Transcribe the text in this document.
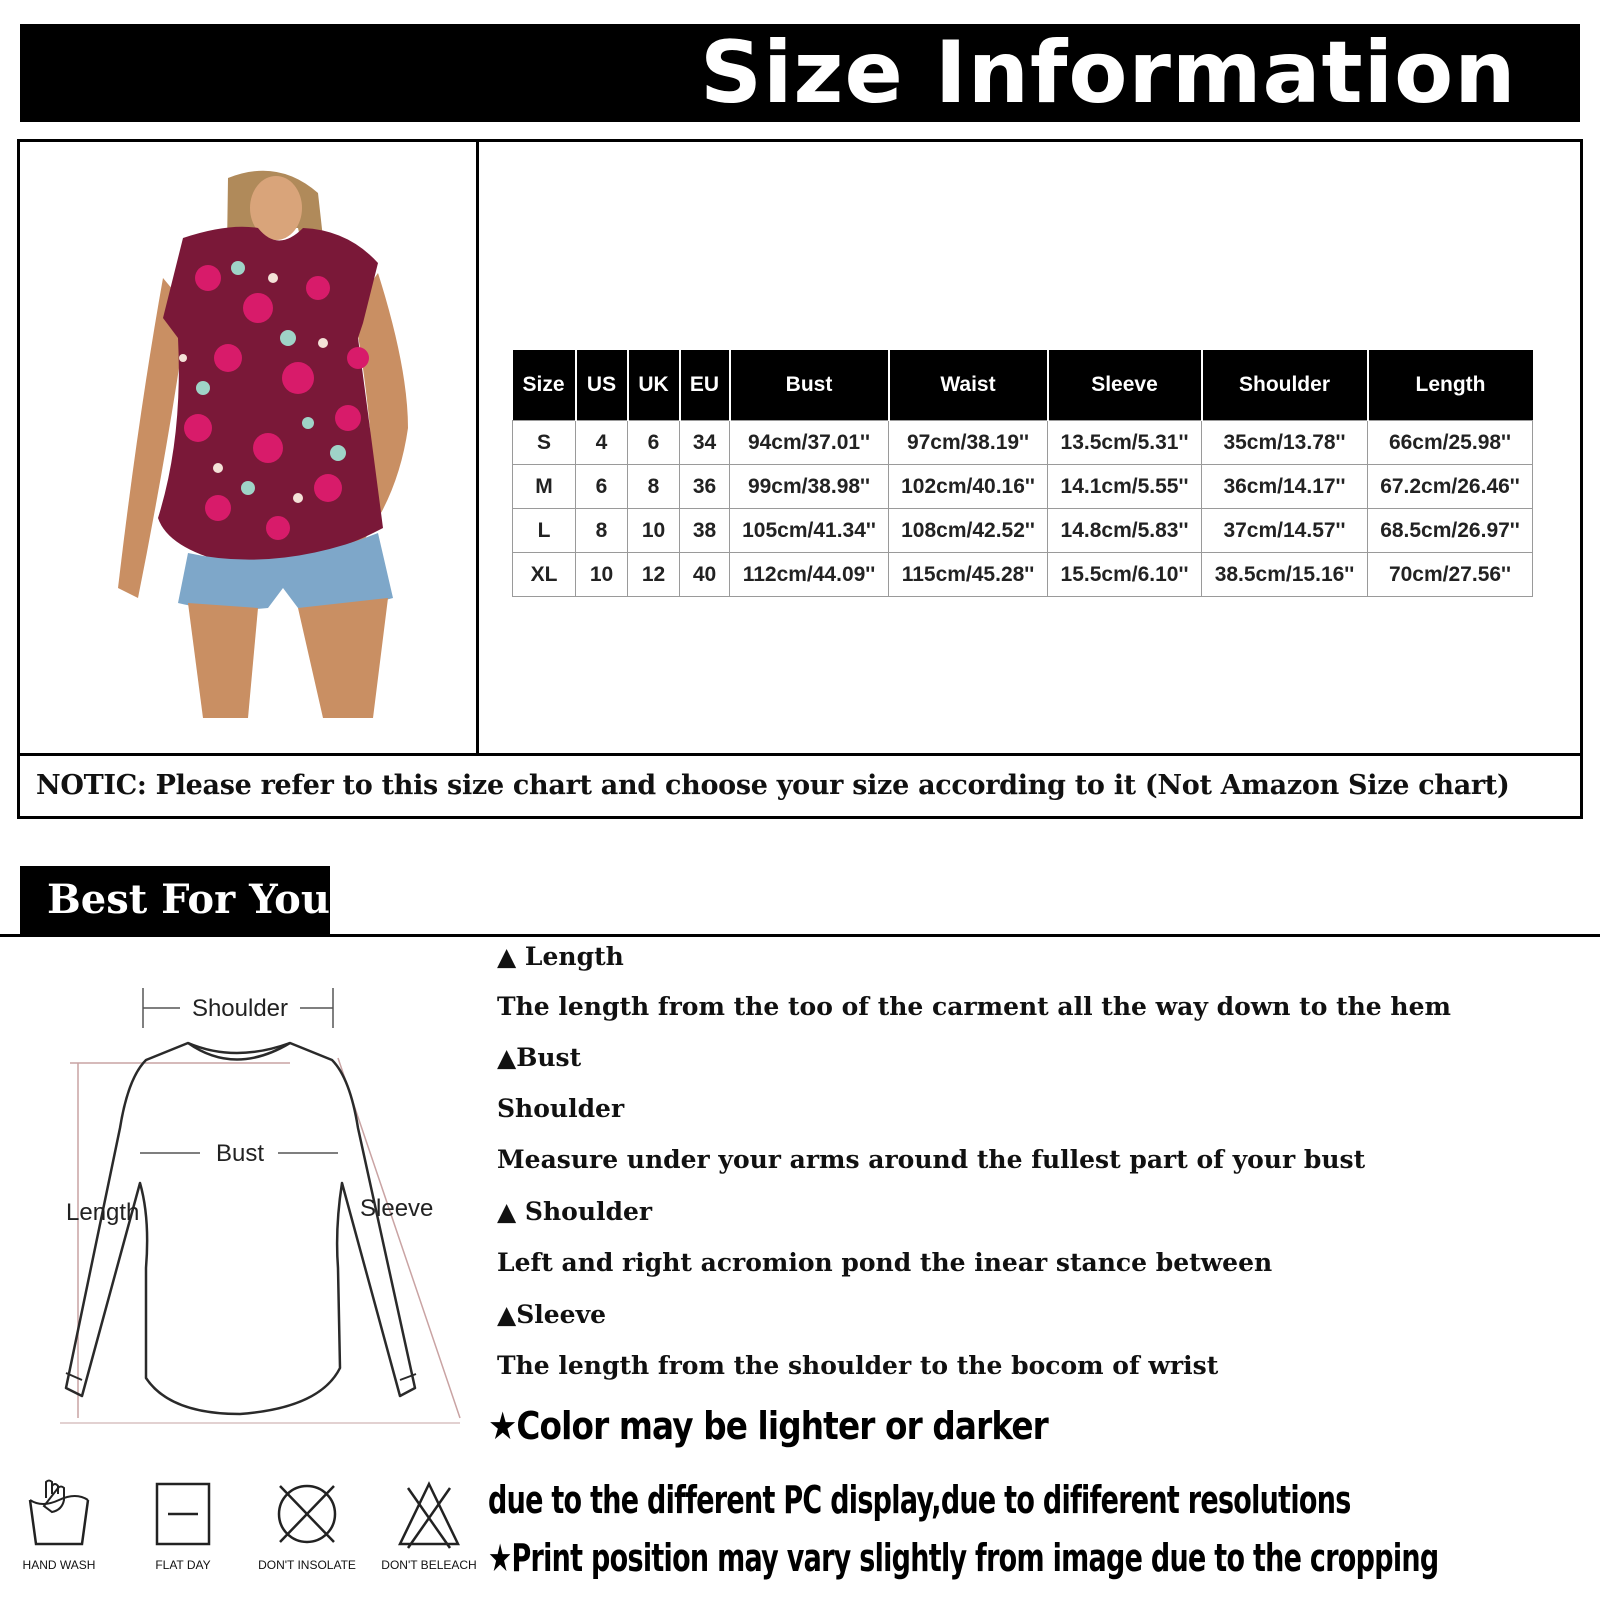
Size Information
Size	US	UK	EU	Bust	Waist	Sleeve	Shoulder	Length
S	4	6	34	94cm/37.01''	97cm/38.19''	13.5cm/5.31''	35cm/13.78''	66cm/25.98''
M	6	8	36	99cm/38.98''	102cm/40.16''	14.1cm/5.55''	36cm/14.17''	67.2cm/26.46''
L	8	10	38	105cm/41.34''	108cm/42.52''	14.8cm/5.83''	37cm/14.57''	68.5cm/26.97''
XL	10	12	40	112cm/44.09''	115cm/45.28''	15.5cm/6.10''	38.5cm/15.16''	70cm/27.56''
NOTIC: Please refer to this size chart and choose your size according to it (Not Amazon Size chart)
Best For You
Shoulder
Bust
Length	Sleeve
▲ Length
The length from the too of the carment all the way down to the hem
▲Bust
Shoulder
Measure under your arms around the fullest part of your bust
▲ Shoulder
Left and right acromion pond the inear stance between
▲Sleeve
The length from the shoulder to the bocom of wrist
★Color may be lighter or darker
due to the different PC display,due to dififerent resolutions
★Print position may vary slightly from image due to the cropping
HAND WASH	FLAT DAY	DON'T INSOLATE	DON'T BELEACH
